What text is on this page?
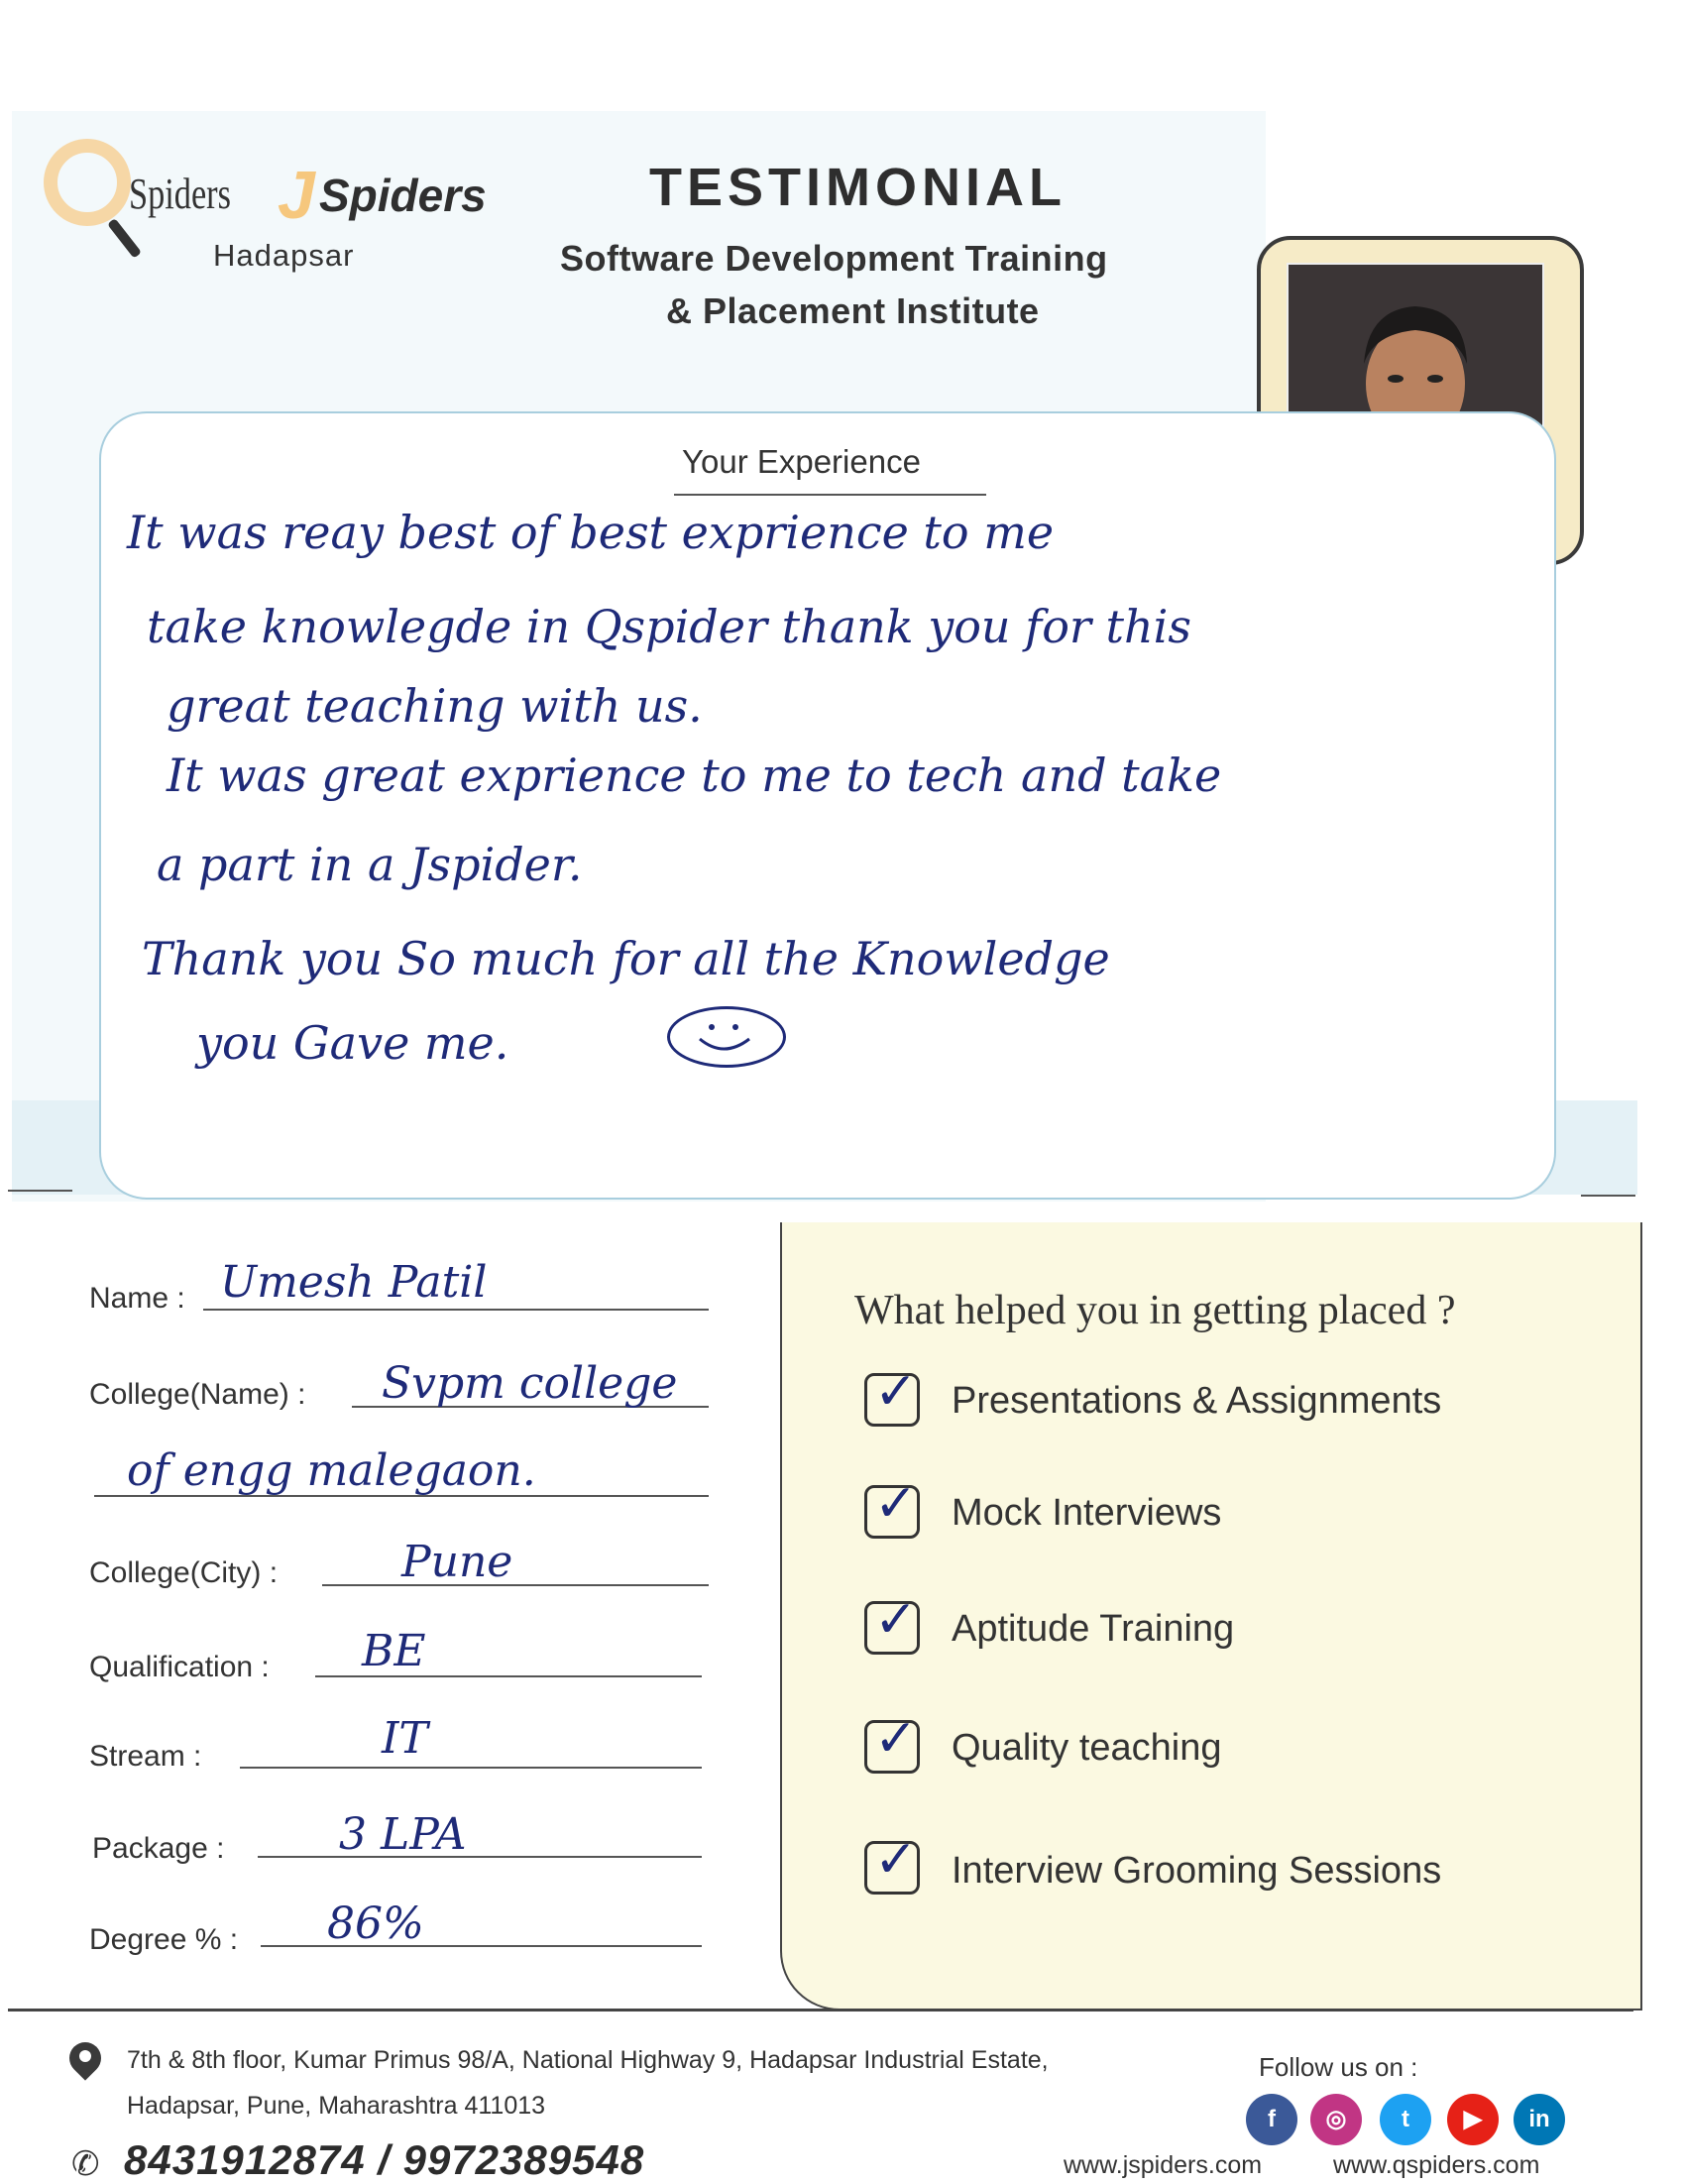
Spiders J Spiders
Hadapsar
TESTIMONIAL
Software Development Training
& Placement Institute
Your Experience
It was reay best of best exprience to me
take knowlegde in Qspider thank you for this
great teaching with us.
It was great exprience to me to tech and take
a part in a Jspider.
Thank you So much for all the Knowledge
you Gave me.
Name : Umesh Patil
College(Name) : Svpm college
of engg malegaon.
College(City) :	Pune
Qualification : BE
Stream :	IT
Package :	3 LPA
Degree % : 86%
What helped you in getting placed ?
✓ Presentations & Assignments
✓ Mock Interviews
✓ Aptitude Training
✓ Quality teaching
✓ Interview Grooming Sessions
7th & 8th floor, Kumar Primus 98/A, National Highway 9, Hadapsar Industrial Estate,
Hadapsar, Pune, Maharashtra 411013
✆ 8431912874 / 9972389548
Follow us on :
f	◎	t	▶	in
www.jspiders.com	www.qspiders.com
